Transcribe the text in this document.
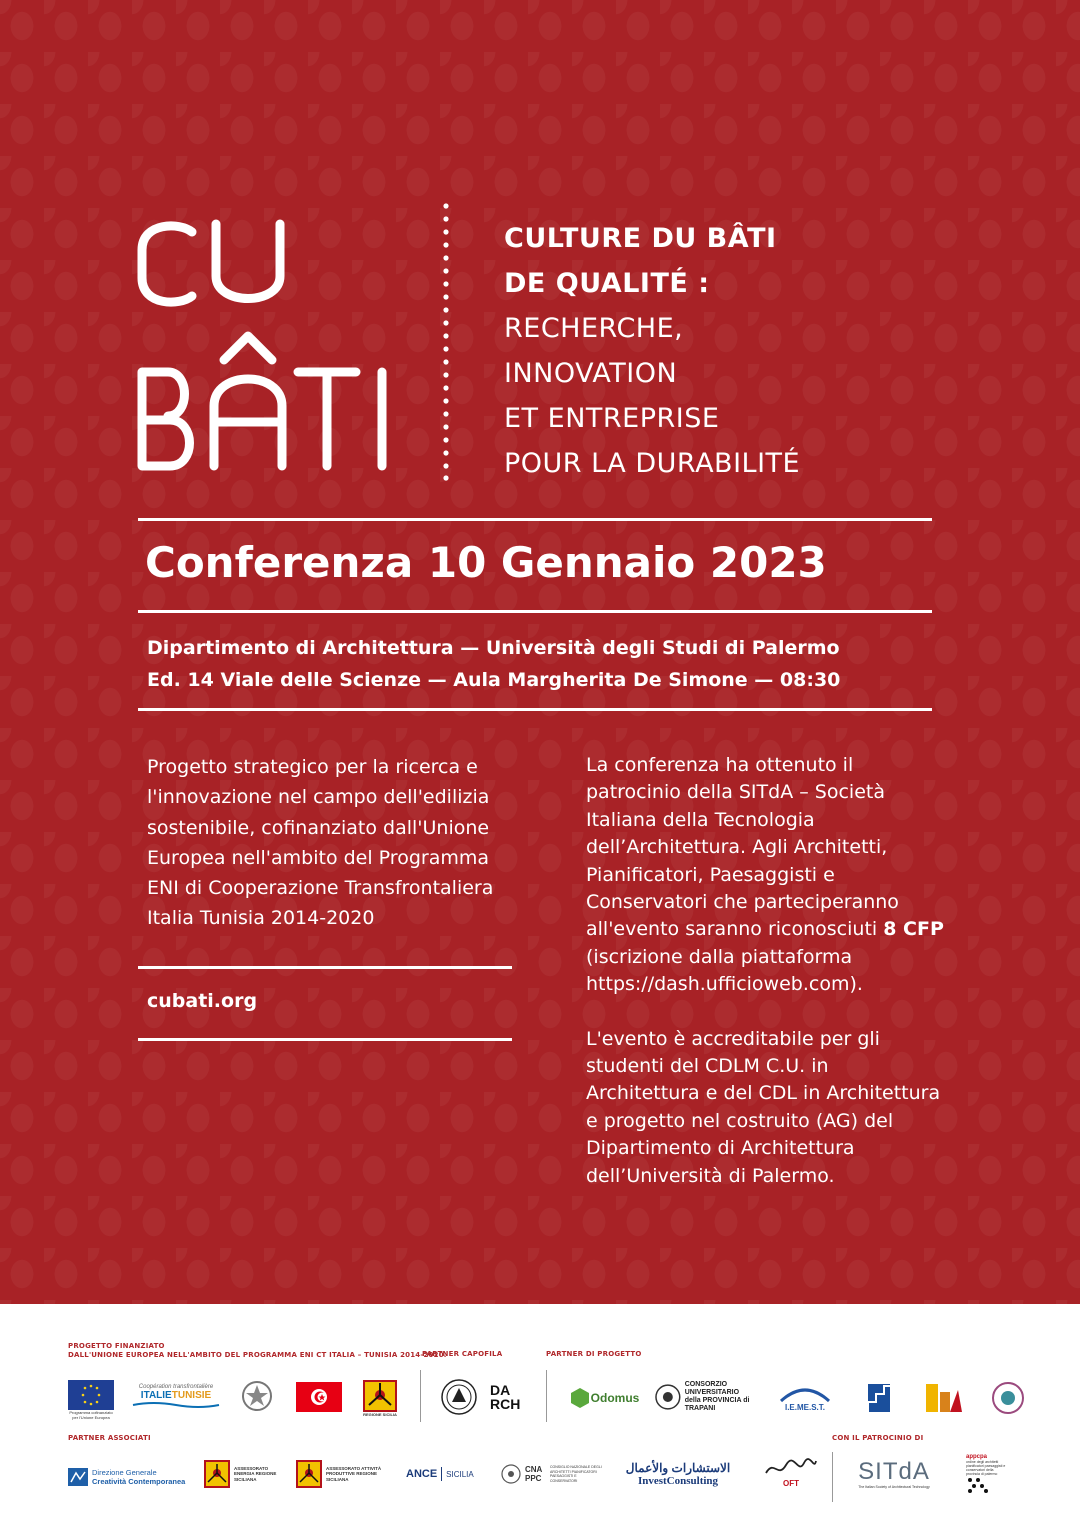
CULTURE DU BÂTI
DE QUALITÉ :
RECHERCHE,
INNOVATION
ET ENTREPRISE
POUR LA DURABILITÉ
Conferenza 10 Gennaio 2023
Dipartimento di Architettura — Università degli Studi di Palermo
Ed. 14 Viale delle Scienze — Aula Margherita De Simone — 08:30
Progetto strategico per la ricerca e l'innovazione nel campo dell'edilizia sostenibile, cofinanziato dall'Unione Europea nell'ambito del Programma ENI di Cooperazione Transfrontaliera Italia Tunisia 2014-2020
cubati.org

La conferenza ha ottenuto il patrocinio della SITdA – Società Italiana della Tecnologia dell’Architettura. Agli Architetti, Pianificatori, Paesaggisti e Conservatori che parteciperanno all'evento saranno riconosciuti 8 CFP (iscrizione dalla piattaforma https://dash.ufficioweb.com).

L'evento è accreditabile per gli studenti del CDLM C.U. in Architettura e del CDL in Architettura e progetto nel costruito (AG) del Dipartimento di Architettura dell’Università di Palermo.

PROGETTO FINANZIATO
DALL'UNIONE EUROPEA NELL'AMBITO DEL PROGRAMMA ENI CT ITALIA – TUNISIA 2014-2020.
PARTNER CAPOFILA	PARTNER DI PROGETTO
PARTNER ASSOCIATI	CON IL PATROCINIO DI
Programma cofinanziato per l'Unione Europea
Coopération transfrontalière
ITALIETUNISIE
REGIONE SICILIA
DA RCH	Odomus
CONSORZIO UNIVERSITARIO della PROVINCIA di TRAPANI	I.E.ME.S.T.
Direzione Generale
Creatività Contemporanea
ASSESSORATO ENERGIA REGIONE SICILIANA
ASSESSORATO ATTIVITÀ PRODUTTIVE REGIONE SICILIANA	ANCE SICILIA	CNA PPC
CONSIGLIO NAZIONALE DEGLI ARCHITETTI PIANIFICATORI PAESAGGISTI E CONSERVATORI
الاستشارات والأعمال
InvestConsulting	OFT SITdA
The Italian Society of Architectural Technology
appcpa
ordine degli architetti pianificatori paesaggisti e conservatori della provincia di palermo
